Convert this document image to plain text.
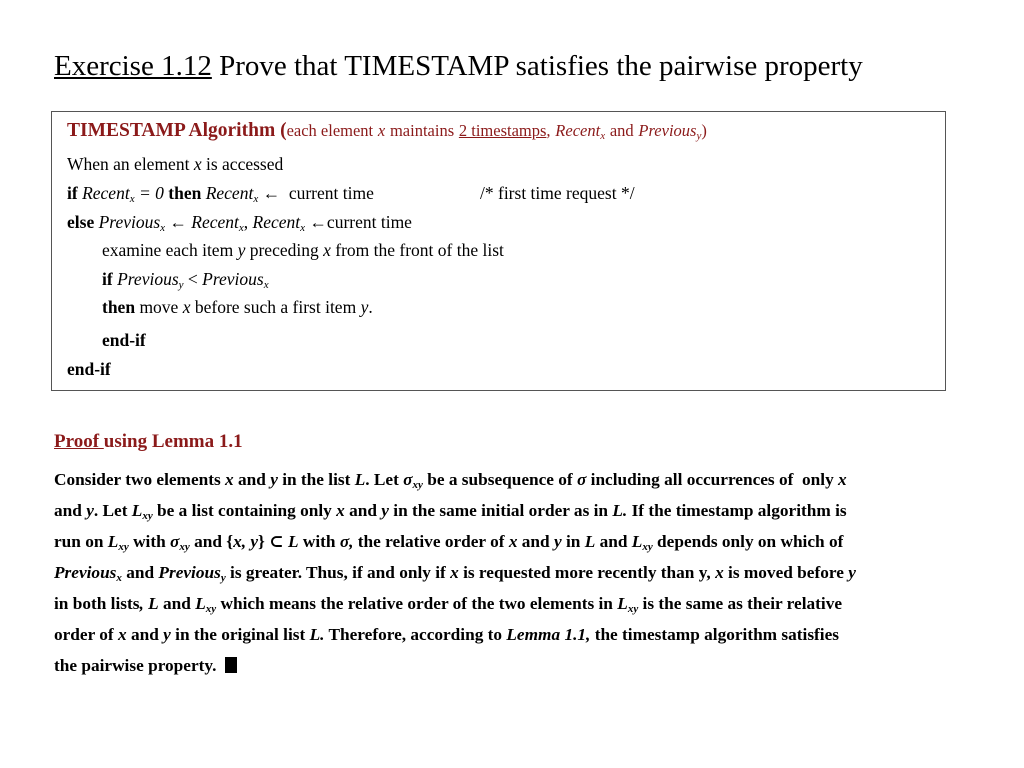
Exercise 1.12 Prove that TIMESTAMP satisfies the pairwise property
TIMESTAMP Algorithm (each element x maintains 2 timestamps, Recent$_x$ and Previous$_y$)
When an element x is accessed
if Recent$_x$ = 0 then Recent$_x$ ← current time	/* first time request */
else Previous$_x$ ← Recent$_x$, Recent$_x$ ←current time
examine each item y preceding x from the front of the list
if Previous$_y$ < Previous$_x$
then move x before such a first item y.
end-if
end-if
Proof using Lemma 1.1
Consider two elements x and y in the list L. Let $\sigma_{xy}$ be a subsequence of σ including all occurrences of  only x
and y. Let $L_{xy}$ be a list containing only x and y in the same initial order as in L. If the timestamp algorithm is
run on $L_{xy}$ with $\sigma_{xy}$ and {x, y} ⊂ L with σ, the relative order of x and y in L and $L_{xy}$ depends only on which of
Previous$_x$ and Previous$_y$ is greater. Thus, if and only if x is requested more recently than y, x is moved before y
in both lists, L and $L_{xy}$ which means the relative order of the two elements in $L_{xy}$ is the same as their relative
order of x and y in the original list L. Therefore, according to Lemma 1.1, the timestamp algorithm satisfies
the pairwise property.
